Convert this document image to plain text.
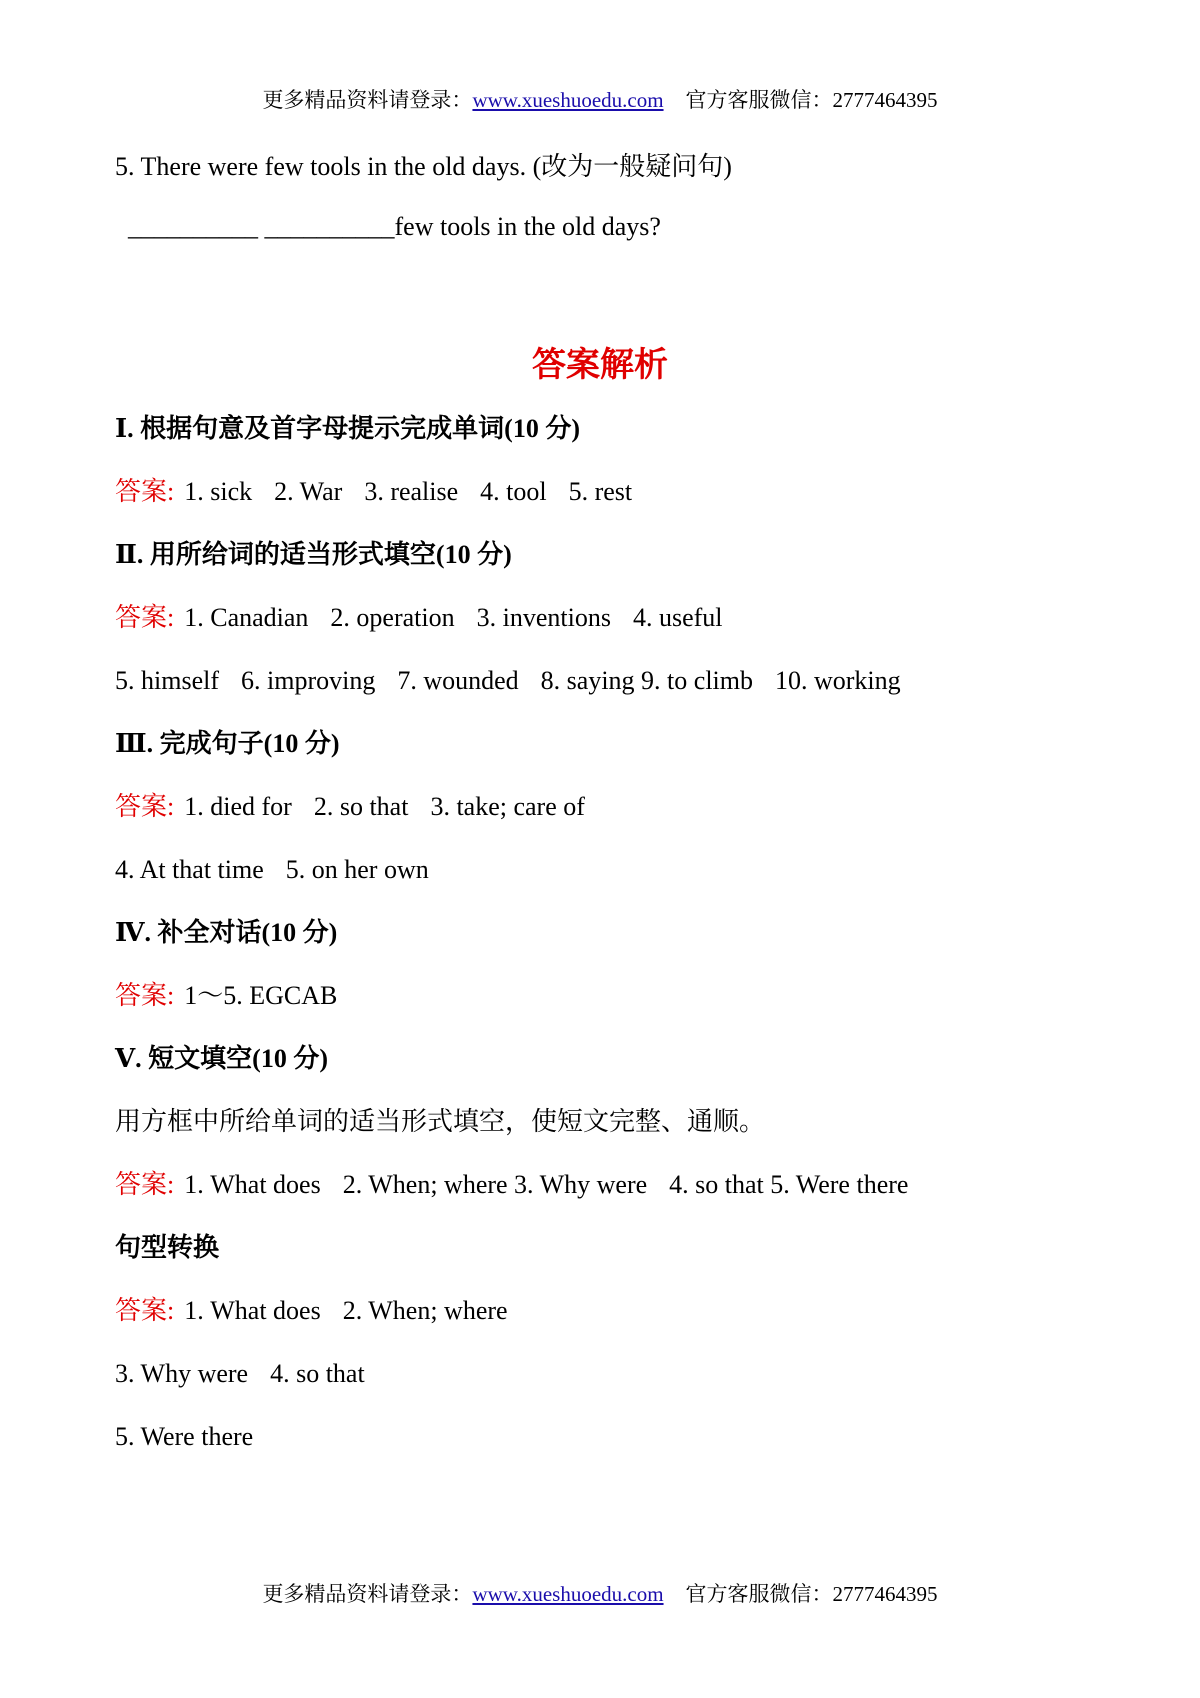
更多精品资料请登录：www.xueshuoedu.com 官方客服微信：2777464395
5. There were few tools in the old days. (改为一般疑问句)
__________ __________few tools in the old days?
答案解析
Ⅰ. 根据句意及首字母提示完成单词(10 分)
答案: 1. sick 2. War 3. realise 4. tool 5. rest
Ⅱ. 用所给词的适当形式填空(10 分)
答案: 1. Canadian 2. operation 3. inventions 4. useful
5. himself 6. improving 7. wounded 8. saying 9. to climb 10. working
Ⅲ. 完成句子(10 分)
答案: 1. died for 2. so that 3. take; care of
4. At that time 5. on her own
Ⅳ. 补全对话(10 分)
答案: 1～5. EGCAB
Ⅴ. 短文填空(10 分)
用方框中所给单词的适当形式填空，使短文完整、通顺。
答案: 1. What does 2. When; where 3. Why were 4. so that 5. Were there
句型转换
答案: 1. What does 2. When; where
3. Why were 4. so that
5. Were there
更多精品资料请登录：www.xueshuoedu.com 官方客服微信：2777464395
